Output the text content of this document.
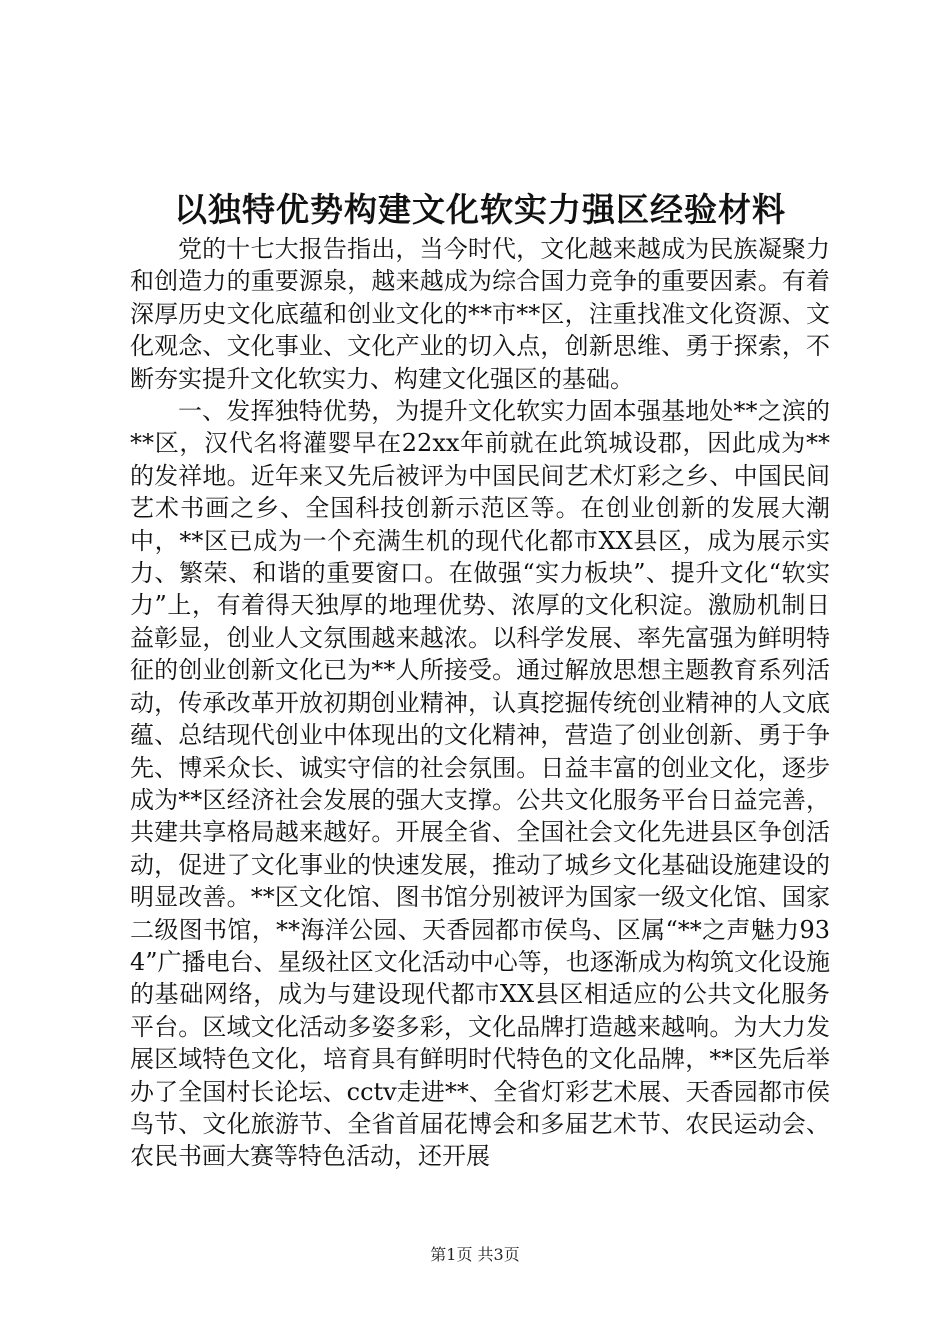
以独特优势构建文化软实力强区经验材料

党的十七大报告指出，当今时代，文化越来越成为民族凝聚力和创造力的重要源泉，越来越成为综合国力竞争的重要因素。有着深厚历史文化底蕴和创业文化的**市**区，注重找准文化资源、文化观念、文化事业、文化产业的切入点，创新思维、勇于探索，不断夯实提升文化软实力、构建文化强区的基础。

一、发挥独特优势，为提升文化软实力固本强基地处**之滨的**区，汉代名将灌婴早在22xx年前就在此筑城设郡，因此成为**的发祥地。近年来又先后被评为中国民间艺术灯彩之乡、中国民间艺术书画之乡、全国科技创新示范区等。在创业创新的发展大潮中，**区已成为一个充满生机的现代化都市XX县区，成为展示实力、繁荣、和谐的重要窗口。在做强“实力板块”、提升文化“软实力”上，有着得天独厚的地理优势、浓厚的文化积淀。激励机制日益彰显，创业人文氛围越来越浓。以科学发展、率先富强为鲜明特征的创业创新文化已为**人所接受。通过解放思想主题教育系列活动，传承改革开放初期创业精神，认真挖掘传统创业精神的人文底蕴、总结现代创业中体现出的文化精神，营造了创业创新、勇于争先、博采众长、诚实守信的社会氛围。日益丰富的创业文化，逐步成为**区经济社会发展的强大支撑。公共文化服务平台日益完善，共建共享格局越来越好。开展全省、全国社会文化先进县区争创活动，促进了文化事业的快速发展，推动了城乡文化基础设施建设的明显改善。**区文化馆、图书馆分别被评为国家一级文化馆、国家二级图书馆，**海洋公园、天香园都市侯鸟、区属“**之声魅力934”广播电台、星级社区文化活动中心等，也逐渐成为构筑文化设施的基础网络，成为与建设现代都市XX县区相适应的公共文化服务平台。区域文化活动多姿多彩，文化品牌打造越来越响。为大力发展区域特色文化，培育具有鲜明时代特色的文化品牌，**区先后举办了全国村长论坛、cctv走进**、全省灯彩艺术展、天香园都市侯鸟节、文化旅游节、全省首届花博会和多届艺术节、农民运动会、农民书画大赛等特色活动，还开展

第1页 共3页
